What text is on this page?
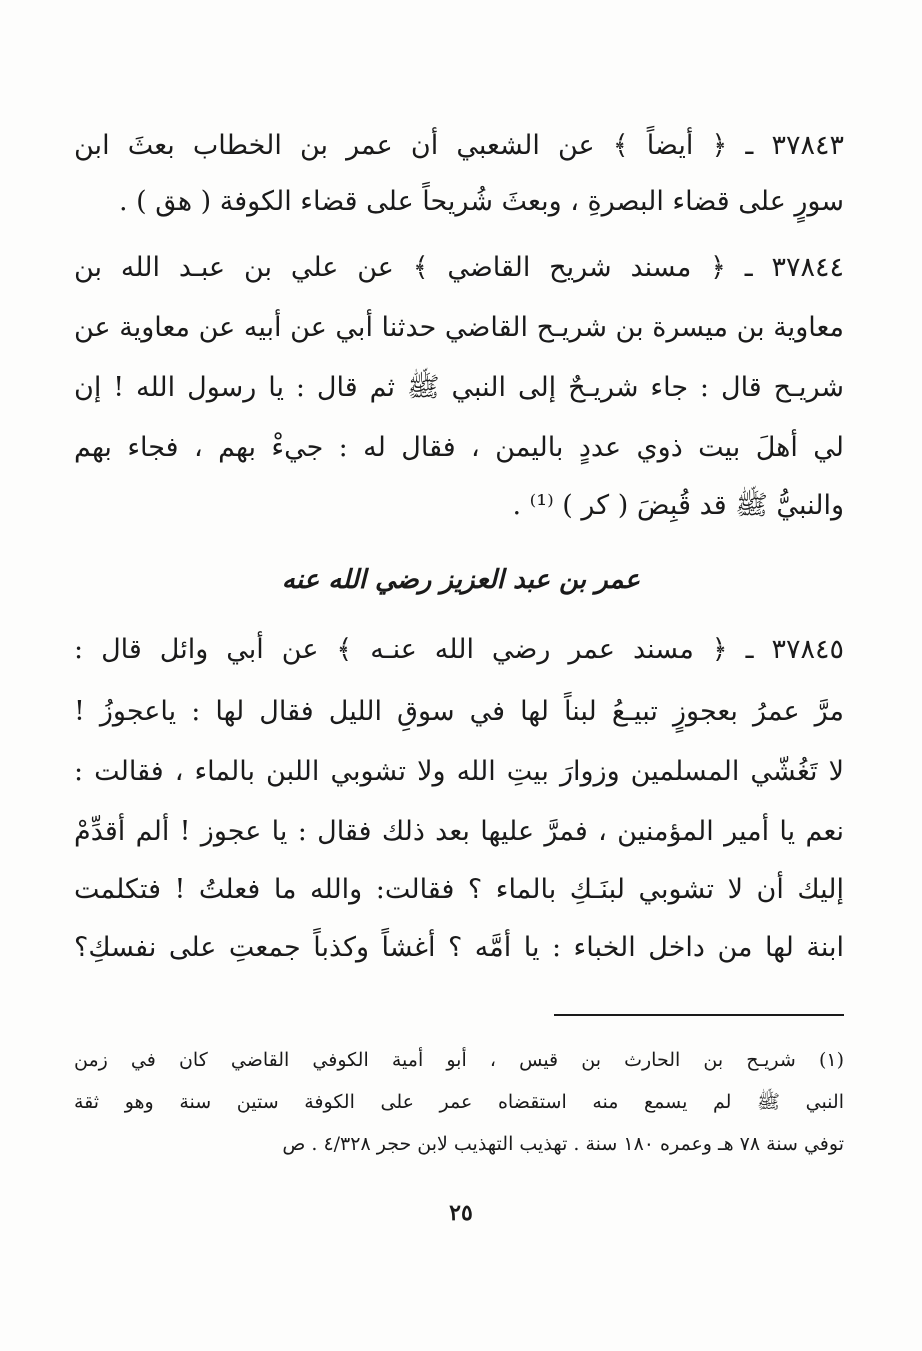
٣٧٨٤٣ ـ ﴿ أيضاً ﴾ عن الشعبي أن عمر بن الخطاب بعثَ ابن
سورٍ على قضاء البصرةِ ، وبعثَ شُريحاً على قضاء الكوفة ( هق ) .
٣٧٨٤٤ ـ ﴿ مسند شريح القاضي ﴾ عن علي بن عبـد الله بن
معاوية بن ميسرة بن شريـح القاضي حدثنا أبي عن أبيه عن معاوية عن
شريـح قال : جاء شريـحٌ إلى النبي ﷺ ثم قال : يا رسول الله ! إن
لي أهلَ بيت ذوي عددٍ باليمن ، فقال له : جيءْ بهم ، فجاء بهم
والنبيُّ ﷺ قد قُبِضَ ( كر ) ⁽¹⁾ .
عمر بن عبد العزيز رضي الله عنه
٣٧٨٤٥ ـ ﴿ مسند عمر رضي الله عنـه ﴾ عن أبي وائل قال :
مرَّ عمرُ بعجوزٍ تبيـعُ لبناً لها في سوقِ الليل فقال لها : ياعجوزُ !
لا تَغُشّي المسلمين وزوارَ بيتِ الله ولا تشوبي اللبن بالماء ، فقالت :
نعم يا أمير المؤمنين ، فمرَّ عليها بعد ذلك فقال : يا عجوز ! ألم أقدِّمْ
إليك أن لا تشوبي لبنَـكِ بالماء ؟ فقالت: والله ما فعلتُ ! فتكلمت
ابنة لها من داخل الخباء : يا أمَّه ؟ أغشاً وكذباً جمعتِ على نفسكِ؟
(١) شريـح بن الحارث بن قيس ، أبو أمية الكوفي القاضي كان في زمن
النبي ﷺ لم يسمع منه استقضاه عمر على الكوفة ستين سنة وهو ثقة
توفي سنة ٧٨ هـ وعمره ١٨٠ سنة . تهذيب التهذيب لابن حجر ٤/٣٢٨ . ص
٢٥
